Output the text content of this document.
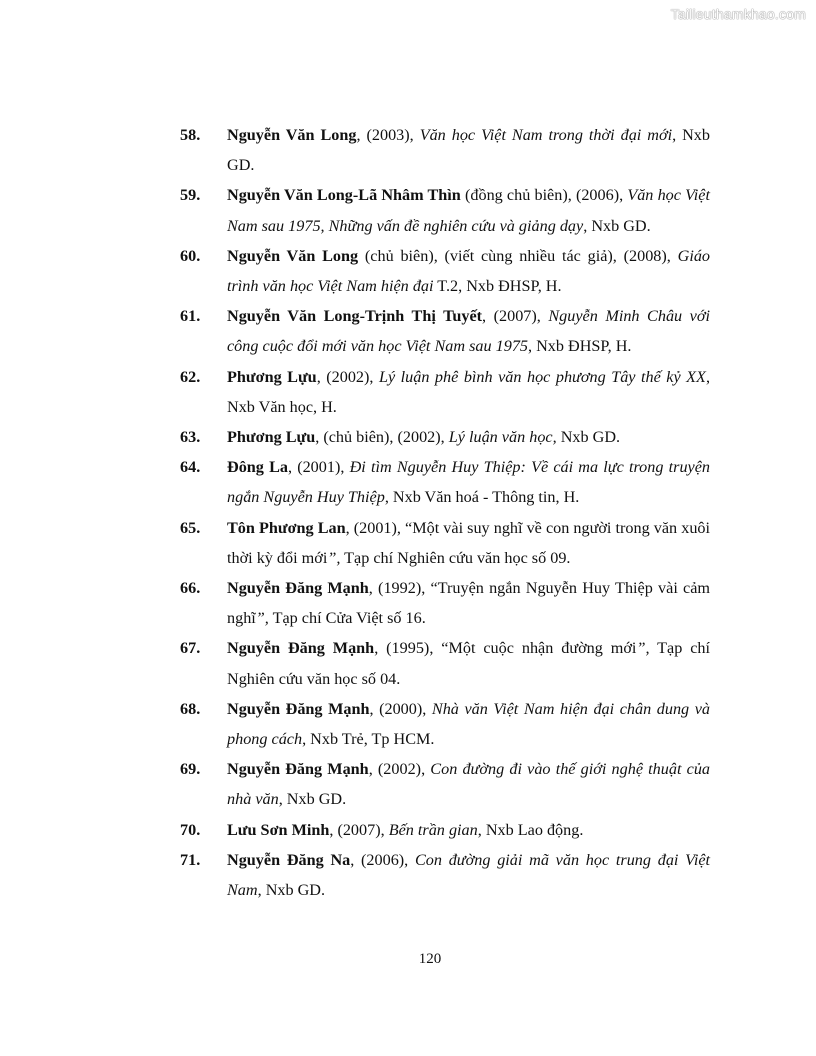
Tailieuthamkhao.com
58. Nguyễn Văn Long, (2003), Văn học Việt Nam trong thời đại mới, Nxb GD.
59. Nguyễn Văn Long-Lã Nhâm Thìn (đồng chủ biên), (2006), Văn học Việt Nam sau 1975, Những vấn đề nghiên cứu và giảng dạy, Nxb GD.
60. Nguyễn Văn Long (chủ biên), (viết cùng nhiều tác giả), (2008), Giáo trình văn học Việt Nam hiện đại T.2, Nxb ĐHSP, H.
61. Nguyễn Văn Long-Trịnh Thị Tuyết, (2007), Nguyễn Minh Châu với công cuộc đổi mới văn học Việt Nam sau 1975, Nxb ĐHSP, H.
62. Phương Lựu, (2002), Lý luận phê bình văn học phương Tây thế kỷ XX, Nxb Văn học, H.
63. Phương Lựu, (chủ biên), (2002), Lý luận văn học, Nxb GD.
64. Đông La, (2001), Đi tìm Nguyễn Huy Thiệp: Về cái ma lực trong truyện ngắn Nguyễn Huy Thiệp, Nxb Văn hoá - Thông tin, H.
65. Tôn Phương Lan, (2001), “Một vài suy nghĩ về con người trong văn xuôi thời kỳ đổi mới”, Tạp chí Nghiên cứu văn học số 09.
66. Nguyễn Đăng Mạnh, (1992), “Truyện ngắn Nguyễn Huy Thiệp vài cảm nghĩ”, Tạp chí Cửa Việt số 16.
67. Nguyễn Đăng Mạnh, (1995), “Một cuộc nhận đường mới”, Tạp chí Nghiên cứu văn học số 04.
68. Nguyễn Đăng Mạnh, (2000), Nhà văn Việt Nam hiện đại chân dung và phong cách, Nxb Trẻ, Tp HCM.
69. Nguyễn Đăng Mạnh, (2002), Con đường đi vào thế giới nghệ thuật của nhà văn, Nxb GD.
70. Lưu Sơn Minh, (2007), Bến trần gian, Nxb Lao động.
71. Nguyễn Đăng Na, (2006), Con đường giải mã văn học trung đại Việt Nam, Nxb GD.
120
